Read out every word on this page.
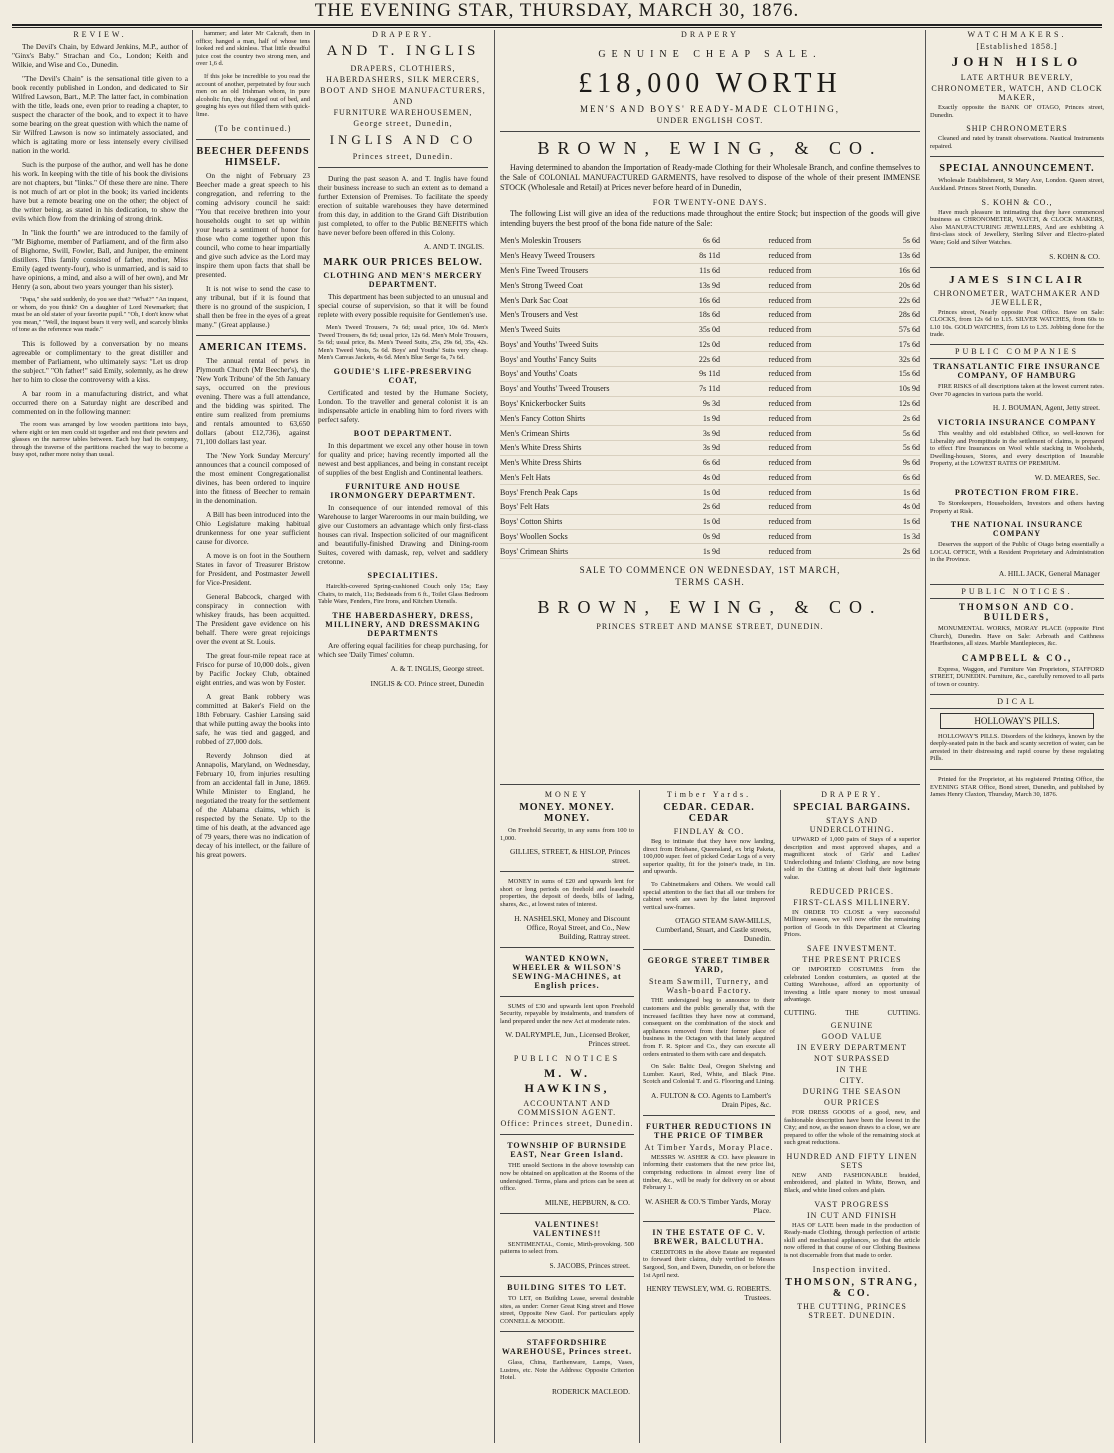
THE EVENING STAR, THURSDAY, MARCH 30, 1876.
REVIEW.

The Devil's Chain, by Edward Jenkins, M.P., author of "Ginx's Baby." Strachan and Co., London; Keith and Wilkie, and Wise and Co., Dunedin.

"The Devil's Chain" is the sensational title given to a book recently published in London, and dedicated to Sir Wilfred Lawson, Bart., M.P. The latter fact, in combination with the title, leads one, even prior to reading a chapter, to suspect the character of the book, and to expect it to have some bearing on the great question with which the name of Sir Wilfred Lawson is now so intimately associated, and which is agitating more or less intensely every civilised nation in the world.

Such is the purpose of the author, and well has he done his work. In keeping with the title of his book the divisions are not chapters, but "links." Of these there are nine. There is not much of art or plot in the book; its varied incidents have but a remote bearing one on the other; the object of the writer being, as stated in his dedication, to show the evils which flow from the drinking of strong drink.

In "link the fourth" we are introduced to the family of "Mr Bighorne, member of Parliament, and of the firm also of Bighorne, Swill, Fowler, Ball, and Juniper, the eminent distillers. This family consisted of father, mother, Miss Emily (aged twenty-four), who is unmarried, and is said to have opinions, a mind, and also a will of her own), and Mr Henry (a son, about two years younger than his sister).

"Papa," she said suddenly, do you see that? "What?" "An inquest, or whom, do you think? On a daughter of Lord Newmarket; that must be an old stater of your favorite pupil." "Oh, I don't know what you mean," "Well, the inquest bears it very well, and scarcely blinks of tone as the reference was made."

This is followed by a conversation by no means agreeable or complimentary to the great distiller and member of Parliament, who ultimately says: "Let us drop the subject." "Oh father!" said Emily, solemnly, as he drew her to him to close the controversy with a kiss.

A bar room in a manufacturing district, and what occurred there on a Saturday night are described and commented on in the following manner:

The room was arranged by low wooden partitions into bays, where eight or ten men could sit together and rest their pewters and glasses on the narrow tables between. Each bay had its company, through the traverse of the partitions reached the way to become a busy spot, rather more noisy than usual.

hammer; and later Mr Calcraft, then in office; hanged a man, half of whose tens looked red and skinless. That little dreadful juice cost the country two strong men, and over 1,6 d.

If this joke be incredible to you read the account of another, perpetrated by four such men on an old Irishman whom, in pure alcoholic fun, they dragged out of bed, and gouging his eyes out filled them with quick-lime.

(To be continued.)
BEECHER DEFENDS HIMSELF.

On the night of February 23 Beecher made a great speech to his congregation, and referring to the coming advisory council he said: "You that receive brethren into your households ought to set up within your hearts a sentiment of honor for those who come together upon this council, who come to hear impartially and give such advice as the Lord may inspire them upon facts that shall be presented.

It is not wise to send the case to any tribunal, but if it is found that there is no ground of the suspicion, I shall then be free in the eyes of a great many." (Great applause.)

AMERICAN ITEMS.

The annual rental of pews in Plymouth Church (Mr Beecher's), the 'New York Tribune' of the 5th January says, occurred on the previous evening. There was a full attendance, and the bidding was spirited. The entire sum realized from premiums and rentals amounted to 63,650 dollars (about £12,736), against 71,100 dollars last year.

The 'New York Sunday Mercury' announces that a council composed of the most eminent Congregationalist divines, has been ordered to inquire into the fitness of Beecher to remain in the denomination.

A Bill has been introduced into the Ohio Legislature making habitual drunkenness for one year sufficient cause for divorce.

A move is on foot in the Southern States in favor of Treasurer Bristow for President, and Postmaster Jewell for Vice-President.

General Babcock, charged with conspiracy in connection with whiskey frauds, has been acquitted. The President gave evidence on his behalf. There were great rejoicings over the event at St. Louis.

The great four-mile repeat race at Frisco for purse of 10,000 dols., given by Pacific Jockey Club, obtained eight entries, and was won by Foster.

A great Bank robbery was committed at Baker's Field on the 18th February. Cashier Lansing said that while putting away the books into safe, he was tied and gagged, and robbed of 27,000 dols.

Reverdy Johnson died at Annapolis, Maryland, on Wednesday, February 10, from injuries resulting from an accidental fall in June, 1869. While Minister to England, he negotiated the treaty for the settlement of the Alabama claims, which is respected by the Senate. Up to the time of his death, at the advanced age of 79 years, there was no indication of decay of his intellect, or the failure of his great powers.

DRAPERY.
AND T. INGLIS
DRAPERS, CLOTHIERS,
HABERDASHERS, SILK MERCERS,
BOOT AND SHOE MANUFACTURERS,
AND
FURNITURE WAREHOUSEMEN,
George street, Dunedin,
INGLIS AND CO
Princes street, Dunedin.

During the past season A. and T. Inglis have found their business increase to such an extent as to demand a further Extension of Premises. To facilitate the speedy erection of suitable warehouses they have determined from this day, in addition to the Grand Gift Distribution just completed, to offer to the Public BENEFITS which have never before been offered in this Colony.

A. AND T. INGLIS.
MARK OUR PRICES BELOW.
CLOTHING AND MEN'S MERCERY DEPARTMENT.

This department has been subjected to an unusual and special course of supervision, so that it will be found replete with every possible requisite for Gentlemen's use.

Men's Tweed Trousers, 7s 6d; usual price, 10s 6d. Men's Tweed Trousers, 8s 6d; usual price, 12s 6d. Men's Mole Trousers, 5s 6d; usual price, 8s. Men's Tweed Suits, 25s, 29s 6d, 35s, 42s. Men's Tweed Vests, 5s 6d. Boys' and Youths' Suits very cheap. Men's Canvas Jackets, 4s 6d. Men's Blue Serge 6s, 7s 6d.

GOUDIE'S LIFE-PRESERVING COAT,

Certificated and tested by the Humane Society, London. To the traveller and general colonist it is an indispensable article in enabling him to ford rivers with perfect safety.

BOOT DEPARTMENT.

In this department we excel any other house in town for quality and price; having recently imported all the newest and best appliances, and being in constant receipt of supplies of the best English and Continental leathers.

FURNITURE AND HOUSE IRONMONGERY DEPARTMENT.

In consequence of our intended removal of this Warehouse to larger Warerooms in our main building, we give our Customers an advantage which only first-class houses can rival. Inspection solicited of our magnificent and beautifully-finished Drawing and Dining-room Suites, covered with damask, rep, velvet and saddlery cretonne.

SPECIALITIES.

Hairclth-covered Spring-cushioned Couch only 15s; Easy Chairs, to match, 11s; Bedsteads from 6 ft., Toilet Glass Bedroom Table Ware, Fenders, Fire Irons, and Kitchen Utensils.

THE HABERDASHERY, DRESS, MILLINERY, AND DRESSMAKING DEPARTMENTS

Are offering equal facilities for cheap purchasing, for which see 'Daily Times' column.

A. & T. INGLIS, George street.
INGLIS & CO. Prince street, Dunedin
DRAPERY
GENUINE CHEAP SALE.
£18,000 WORTH
MEN'S AND BOYS' READY-MADE CLOTHING,
UNDER ENGLISH COST.
BROWN, EWING, & CO.

Having determined to abandon the Importation of Ready-made Clothing for their Wholesale Branch, and confine themselves to the Sale of COLONIAL MANUFACTURED GARMENTS, have resolved to dispose of the whole of their present IMMENSE STOCK (Wholesale and Retail) at Prices never before heard of in Dunedin,

FOR TWENTY-ONE DAYS.

The following List will give an idea of the reductions made throughout the entire Stock; but inspection of the goods will give intending buyers the best proof of the bona fide nature of the Sale:

Men's Moleskin Trousers	6s 6d	reduced from	5s 6d
Men's Heavy Tweed Trousers	8s 11d	reduced from	13s 6d
Men's Fine Tweed Trousers	11s 6d	reduced from	16s 6d
Men's Strong Tweed Coat	13s 9d	reduced from	20s 6d
Men's Dark Sac Coat	16s 6d	reduced from	22s 6d
Men's Trousers and Vest	18s 6d	reduced from	28s 6d
Men's Tweed Suits	35s 0d	reduced from	57s 6d
Boys' and Youths' Tweed Suits	12s 0d	reduced from	17s 6d
Boys' and Youths' Fancy Suits	22s 6d	reduced from	32s 6d
Boys' and Youths' Coats	9s 11d	reduced from	15s 6d
Boys' and Youths' Tweed Trousers	7s 11d	reduced from	10s 9d
Boys' Knickerbocker Suits	9s 3d	reduced from	12s 6d
Men's Fancy Cotton Shirts	1s 9d	reduced from	2s 6d
Men's Crimean Shirts	3s 9d	reduced from	5s 6d
Men's White Dress Shirts	3s 9d	reduced from	5s 6d
Men's White Dress Shirts	6s 6d	reduced from	9s 6d
Men's Felt Hats	4s 0d	reduced from	6s 6d
Boys' French Peak Caps	1s 0d	reduced from	1s 6d
Boys' Felt Hats	2s 6d	reduced from	4s 0d
Boys' Cotton Shirts	1s 0d	reduced from	1s 6d
Boys' Woollen Socks	0s 9d	reduced from	1s 3d
Boys' Crimean Shirts	1s 9d	reduced from	2s 6d
SALE TO COMMENCE ON WEDNESDAY, 1ST MARCH,
TERMS CASH.
BROWN, EWING, & CO.
PRINCES STREET AND MANSE STREET, DUNEDIN.
MONEY
MONEY. MONEY. MONEY.

On Freehold Security, in any sums from 100 to 1,000.

GILLIES, STREET, & HISLOP, Princes street.

MONEY in sums of £20 and upwards lent for short or long periods on freehold and leasehold properties, the deposit of deeds, bills of lading, shares, &c., at lowest rates of interest.

H. NASHELSKI, Money and Discount Office, Royal Street, and Co., New Building, Rattray street.
WANTED KNOWN, WHEELER & WILSON'S SEWING-MACHINES, at English prices.

SUMS of £30 and upwards lent upon Freehold Security, repayable by instalments, and transfers of land prepared under the new Act at moderate rates.

W. DALRYMPLE, Jun., Licensed Broker, Princes street.
PUBLIC NOTICES
M. W. HAWKINS,
ACCOUNTANT AND COMMISSION AGENT.
Office: Princes street, Dunedin.
TOWNSHIP OF BURNSIDE EAST, Near Green Island.

THE unsold Sections in the above township can now be obtained on application at the Rooms of the undersigned. Terms, plans and prices can be seen at office.

MILNE, HEPBURN, & CO.
VALENTINES! VALENTINES!!

SENTIMENTAL, Comic, Mirth-provoking. 500 patterns to select from.

S. JACOBS, Princes street.
BUILDING SITES TO LET.

TO LET, on Building Lease, several desirable sites, as under: Corner Great King street and Howe street, Opposite New Gaol. For particulars apply CONNELL & MOODIE.

STAFFORDSHIRE WAREHOUSE, Princes street.

Glass, China, Earthenware, Lamps, Vases, Lustres, etc. Note the Address: Opposite Criterion Hotel.

RODERICK MACLEOD.
Timber Yards.
CEDAR. CEDAR. CEDAR
FINDLAY & CO.

Beg to intimate that they have now landing, direct from Brisbane, Queensland, ex brig Paketa, 100,000 super. feet of picked Cedar Logs of a very superior quality, fit for the joiner's trade, in 1in. and upwards.

To Cabinetmakers and Others. We would call special attention to the fact that all our timbers for cabinet work are sawn by the latest improved vertical saw-frames.

OTAGO STEAM SAW-MILLS, Cumberland, Stuart, and Castle streets, Dunedin.
GEORGE STREET TIMBER YARD,
Steam Sawmill, Turnery, and Wash-board Factory.

THE undersigned beg to announce to their customers and the public generally that, with the increased facilities they have now at command, consequent on the combination of the stock and appliances removed from their former place of business in the Octagon with that lately acquired from F. R. Spicer and Co., they can execute all orders entrusted to them with care and despatch.

On Sale: Baltic Deal, Oregon Shelving and Lumber. Kauri, Red, White, and Black Pine. Scotch and Colonial T. and G. Flooring and Lining.

A. FULTON & CO. Agents to Lambert's Drain Pipes, &c.
FURTHER REDUCTIONS IN THE PRICE OF TIMBER
At Timber Yards, Moray Place.

MESSRS W. ASHER & CO. have pleasure in informing their customers that the new price list, comprising reductions in almost every line of timber, &c., will be ready for delivery on or about February 1.

W. ASHER & CO.'S Timber Yards, Moray Place.
IN THE ESTATE OF C. V. BREWER, BALCLUTHA.

CREDITORS in the above Estate are requested to forward their claims, duly verified to Messrs Sargood, Son, and Ewen, Dunedin, on or before the 1st April next.

HENRY TEWSLEY, WM. G. ROBERTS. Trustees.
DRAPERY.
SPECIAL BARGAINS.
STAYS AND UNDERCLOTHING.

UPWARD of 1,000 pairs of Stays of a superior description and most approved shapes, and a magnificent stock of Girls' and Ladies' Underclothing and Infants' Clothing, are now being sold in the Cutting at about half their legitimate value.

REDUCED PRICES.
FIRST-CLASS MILLINERY.

IN ORDER TO CLOSE a very successful Millinery season, we will now offer the remaining portion of Goods in this Department at Clearing Prices.

SAFE INVESTMENT.
THE PRESENT PRICES

OF IMPORTED COSTUMES from the celebrated London costumiers, as quoted at the Cutting Warehouse, afford an opportunity of investing a little spare money to most unusual advantage.

CUTTING.	THE	CUTTING.
GENUINE
GOOD VALUE
IN EVERY DEPARTMENT
NOT SURPASSED
IN THE
CITY.
DURING THE SEASON
OUR PRICES

FOR DRESS GOODS of a good, new, and fashionable description have been the lowest in the City; and now, as the season draws to a close, we are prepared to offer the whole of the remaining stock at such great reductions.

HUNDRED AND FIFTY LINEN SETS

NEW AND FASHIONABLE braided, embroidered, and plaited in White, Brown, and Black, and white lined colors and plain.

VAST PROGRESS
IN CUT AND FINISH

HAS OF LATE been made in the production of Ready-made Clothing, through perfection of artistic skill and mechanical appliances, so that the article now offered in that course of our Clothing Business is not discernable from that made to order.

Inspection invited.
THOMSON, STRANG, & CO.
THE CUTTING, PRINCES STREET. DUNEDIN.
WATCHMAKERS.
[Established 1858.]
JOHN HISLO
LATE ARTHUR BEVERLY,
CHRONOMETER, WATCH, AND CLOCK MAKER,

Exactly opposite the BANK OF OTAGO, Princes street, Dunedin.

SHIP CHRONOMETERS

Cleaned and rated by transit observations. Nautical Instruments repaired.

SPECIAL ANNOUNCEMENT.

Wholesale Establishment, St Mary Axe, London. Queen street, Auckland. Princes Street North, Dunedin.

S. KOHN & CO.,

Have much pleasure in intimating that they have commenced business as CHRONOMETER, WATCH, & CLOCK MAKERS, Also MANUFACTURING JEWELLERS, And are exhibiting A first-class stock of Jewellery, Sterling Silver and Electro-plated Ware; Gold and Silver Watches.

S. KOHN & CO.
JAMES SINCLAIR
CHRONOMETER, WATCHMAKER AND JEWELLER,

Princes street, Nearly opposite Post Office. Have on Sale: CLOCKS, from 12s 6d to L15. SILVER WATCHES, from 60s to L10 10s. GOLD WATCHES, from L6 to L35. Jobbing done for the trade.

PUBLIC COMPANIES
TRANSATLANTIC FIRE INSURANCE COMPANY, OF HAMBURG

FIRE RISKS of all descriptions taken at the lowest current rates. Over 70 agencies in various parts the world.

H. J. BOUMAN, Agent, Jetty street.
VICTORIA INSURANCE COMPANY

This wealthy and old established Office, so well-known for Liberality and Promptitude in the settlement of claims, is prepared to effect Fire Insurances on Wool while stacking in Woolsheds, Dwelling-houses, Stores, and every description of Insurable Property, at the LOWEST RATES OF PREMIUM.

W. D. MEARES, Sec.
PROTECTION FROM FIRE.

To Storekeepers, Householders, Investors and others having Property at Risk.

THE NATIONAL INSURANCE COMPANY

Deserves the support of the Public of Otago being essentially a LOCAL OFFICE, With a Resident Proprietary and Administration in the Province.

A. HILL JACK, General Manager
PUBLIC NOTICES.
THOMSON AND CO. BUILDERS,

MONUMENTAL WORKS, MORAY PLACE (opposite First Church), Dunedin. Have on Sale: Arbroath and Caithness Hearthstones, all sizes. Marble Mantlepieces, &c.

CAMPBELL & CO.,

Express, Waggon, and Furniture Van Proprietors, STAFFORD STREET, DUNEDIN. Furniture, &c., carefully removed to all parts of town or country.

DICAL
HOLLOWAY'S PILLS.

HOLLOWAY'S PILLS. Disorders of the kidneys, known by the deeply-seated pain in the back and scanty secretion of water, can be arrested in their distressing and rapid course by these regulating Pills.

Printed for the Proprietor, at his registered Printing Office, the EVENING STAR Office, Bond street, Dunedin, and published by James Henry Claxton, Thursday, March 30, 1876.
